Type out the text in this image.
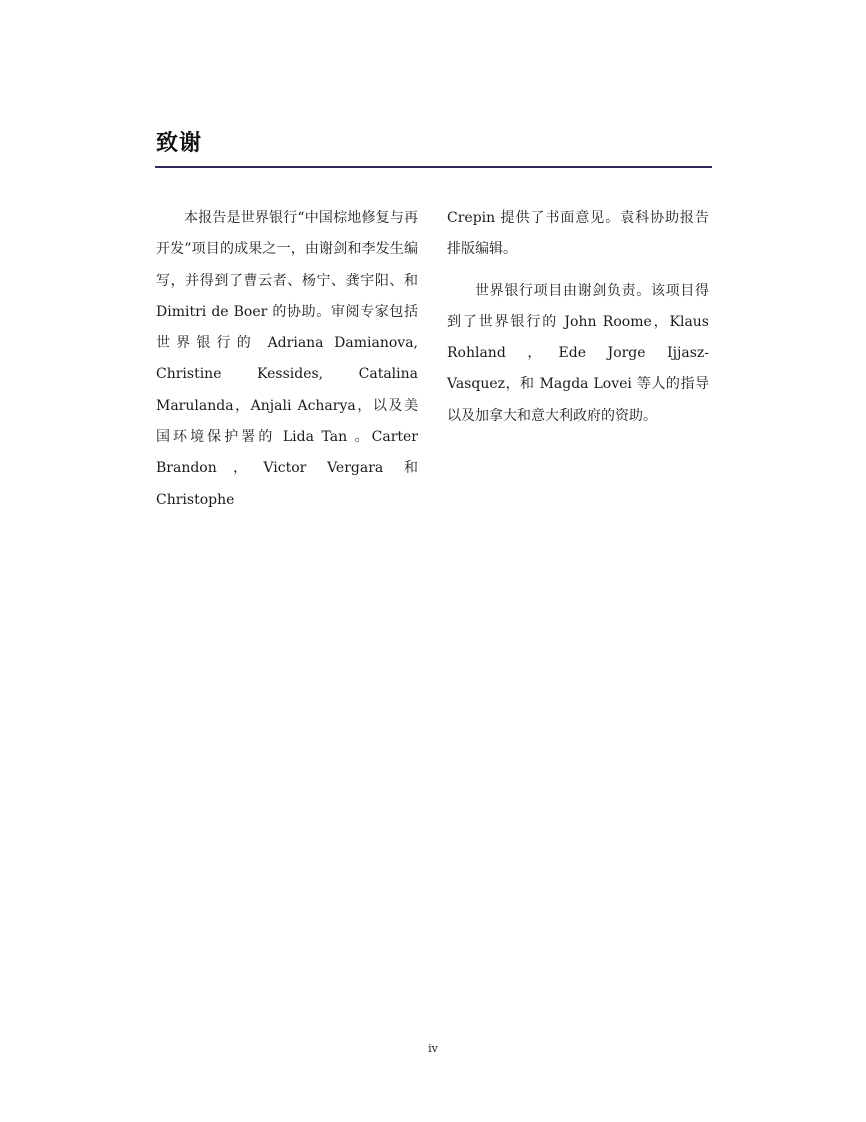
致谢

本报告是世界银行“中国棕地修复与再开发”项目的成果之一，由谢剑和李发生编写，并得到了曹云者、杨宁、龚宇阳、和 Dimitri de Boer 的协助。审阅专家包括世界银行的 Adriana Damianova, Christine Kessides, Catalina Marulanda，Anjali Acharya，以及美国环境保护署的 Lida Tan 。Carter Brandon，Victor Vergara 和 Christophe

Crepin 提供了书面意见。袁科协助报告排版编辑。

世界银行项目由谢剑负责。该项目得到了世界银行的 John Roome，Klaus Rohland ，Ede Jorge Ijjasz-Vasquez，和 Magda Lovei 等人的指导以及加拿大和意大利政府的资助。

iv
